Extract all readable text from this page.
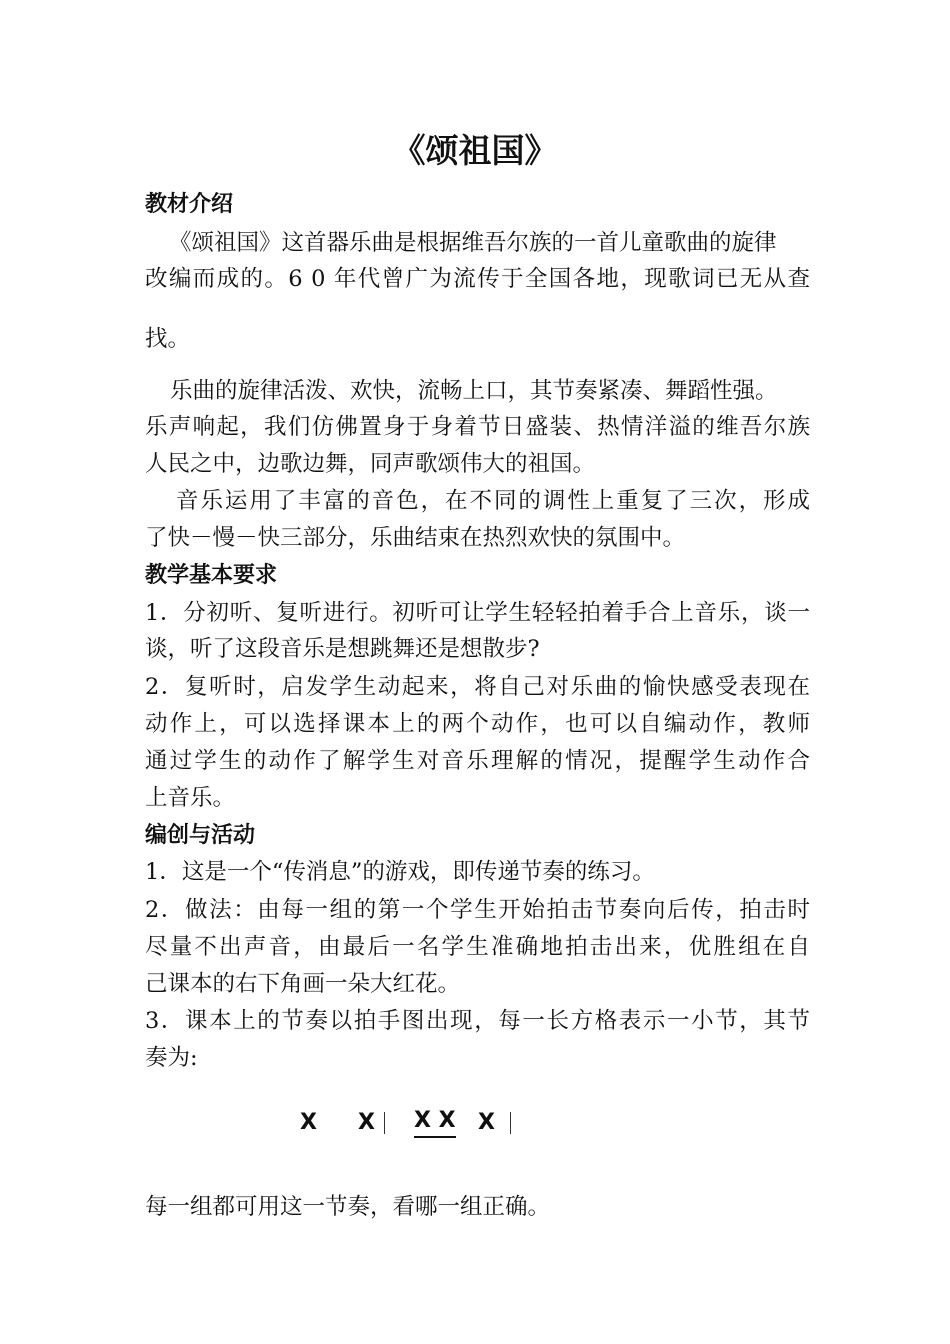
《颂祖国》
教材介绍
《颂祖国》这首器乐曲是根据维吾尔族的一首儿童歌曲的旋律
改编而成的。6 0 年代曾广为流传于全国各地，现歌词已无从查
找。
乐曲的旋律活泼、欢快，流畅上口，其节奏紧凑、舞蹈性强。
乐声响起，我们仿佛置身于身着节日盛装、热情洋溢的维吾尔族
人民之中，边歌边舞，同声歌颂伟大的祖国。
音乐运用了丰富的音色，在不同的调性上重复了三次，形成
了快－慢－快三部分，乐曲结束在热烈欢快的氛围中。
教学基本要求
1．分初听、复听进行。初听可让学生轻轻拍着手合上音乐，谈一
谈，听了这段音乐是想跳舞还是想散步?
2．复听时，启发学生动起来，将自己对乐曲的愉快感受表现在
动作上，可以选择课本上的两个动作，也可以自编动作，教师
通过学生的动作了解学生对音乐理解的情况，提醒学生动作合
上音乐。
编创与活动
1．这是一个“传消息”的游戏，即传递节奏的练习。
2．做法：由每一组的第一个学生开始拍击节奏向后传，拍击时
尽量不出声音，由最后一名学生准确地拍击出来，优胜组在自
己课本的右下角画一朵大红花。
3．课本上的节奏以拍手图出现，每一长方格表示一小节，其节
奏为:
X X X X X
每一组都可用这一节奏，看哪一组正确。
